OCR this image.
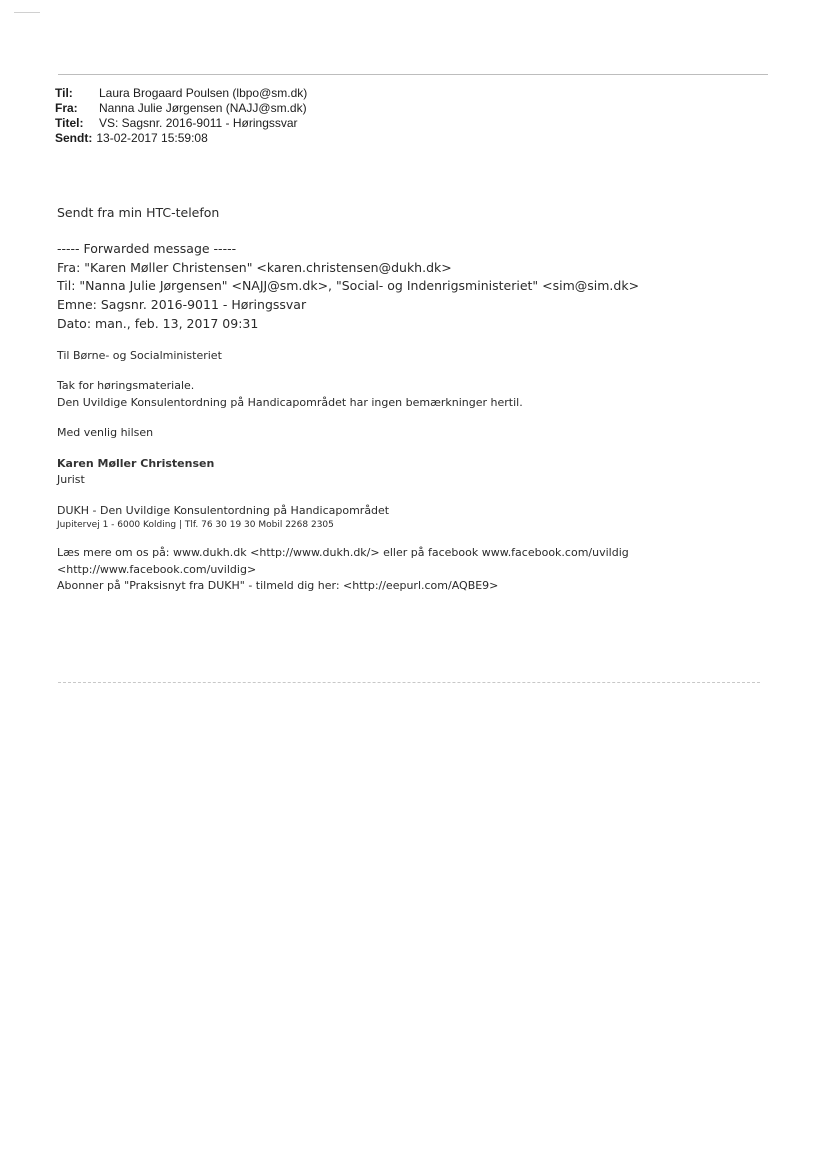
Til:	Laura Brogaard Poulsen (lbpo@sm.dk)
Fra:	Nanna Julie Jørgensen (NAJJ@sm.dk)
Titel:	VS: Sagsnr. 2016-9011 - Høringssvar
Sendt: 13-02-2017 15:59:08
Sendt fra min HTC-telefon
----- Forwarded message -----
Fra: "Karen Møller Christensen" <karen.christensen@dukh.dk>
Til: "Nanna Julie Jørgensen" <NAJJ@sm.dk>, "Social- og Indenrigsministeriet" <sim@sim.dk>
Emne: Sagsnr. 2016-9011 - Høringssvar
Dato: man., feb. 13, 2017 09:31
Til Børne- og Socialministeriet
Tak for høringsmateriale.
Den Uvildige Konsulentordning på Handicapområdet har ingen bemærkninger hertil.
Med venlig hilsen
Karen Møller Christensen
Jurist
DUKH - Den Uvildige Konsulentordning på Handicapområdet
Jupitervej 1 - 6000 Kolding | Tlf. 76 30 19 30 Mobil 2268 2305
Læs mere om os på: www.dukh.dk <http://www.dukh.dk/> eller på facebook www.facebook.com/uvildig
<http://www.facebook.com/uvildig>
Abonner på "Praksisnyt fra DUKH" - tilmeld dig her: <http://eepurl.com/AQBE9>
